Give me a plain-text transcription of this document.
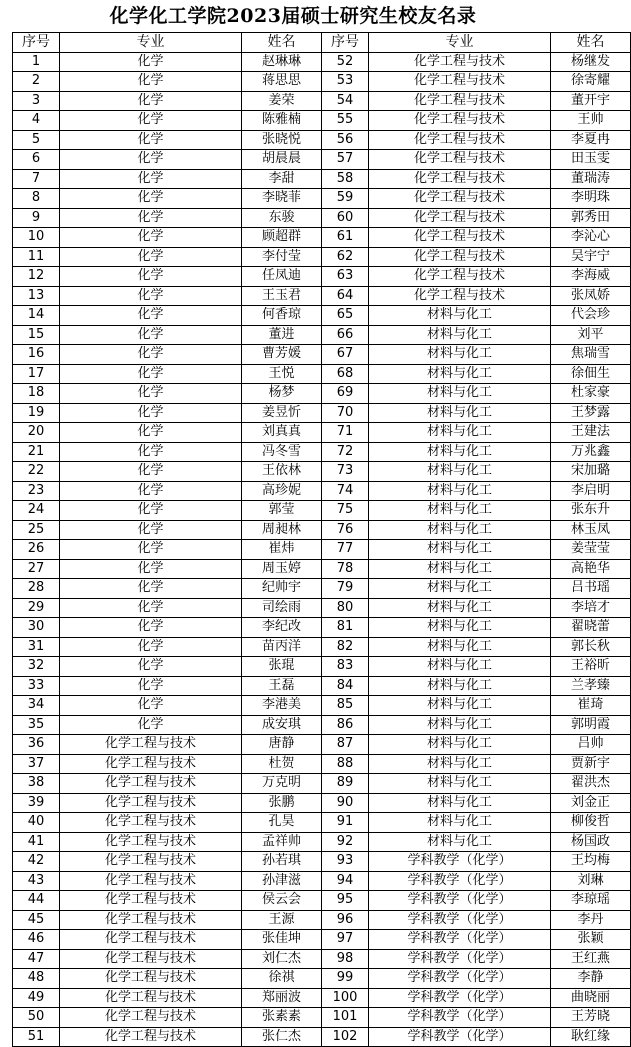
化学化工学院2023届硕士研究生校友名录
序号	专业	姓名	序号	专业	姓名
1	化学	赵琳琳	52	化学工程与技术	杨继发
2	化学	蒋思思	53	化学工程与技术	徐寄耀
3	化学	姜荣	54	化学工程与技术	董开宇
4	化学	陈雅楠	55	化学工程与技术	王帅
5	化学	张晓悦	56	化学工程与技术	李夏冉
6	化学	胡晨晨	57	化学工程与技术	田玉雯
7	化学	李甜	58	化学工程与技术	董瑞涛
8	化学	李晓菲	59	化学工程与技术	李明珠
9	化学	东骏	60	化学工程与技术	郭秀田
10	化学	顾超群	61	化学工程与技术	李沁心
11	化学	李付莹	62	化学工程与技术	吴宇宁
12	化学	任凤迪	63	化学工程与技术	李海威
13	化学	王玉君	64	化学工程与技术	张凤娇
14	化学	何香琼	65	材料与化工	代会珍
15	化学	董进	66	材料与化工	刘平
16	化学	曹芳媛	67	材料与化工	焦瑞雪
17	化学	王悦	68	材料与化工	徐佃生
18	化学	杨梦	69	材料与化工	杜家豪
19	化学	姜昱忻	70	材料与化工	王梦露
20	化学	刘真真	71	材料与化工	王建法
21	化学	冯冬雪	72	材料与化工	万兆鑫
22	化学	王依林	73	材料与化工	宋加璐
23	化学	高珍妮	74	材料与化工	李启明
24	化学	郭莹	75	材料与化工	张东升
25	化学	周昶林	76	材料与化工	林玉凤
26	化学	崔炜	77	材料与化工	姜莹莹
27	化学	周玉婷	78	材料与化工	高艳华
28	化学	纪帅宇	79	材料与化工	吕书瑶
29	化学	司绘雨	80	材料与化工	李培才
30	化学	李纪改	81	材料与化工	翟晓蕾
31	化学	苗丙洋	82	材料与化工	郭长秋
32	化学	张琨	83	材料与化工	王裕昕
33	化学	王磊	84	材料与化工	兰孝臻
34	化学	李港美	85	材料与化工	崔琦
35	化学	成安琪	86	材料与化工	郭明霞
36	化学工程与技术	唐静	87	材料与化工	吕帅
37	化学工程与技术	杜贺	88	材料与化工	贾新宇
38	化学工程与技术	万克明	89	材料与化工	翟洪杰
39	化学工程与技术	张鹏	90	材料与化工	刘金正
40	化学工程与技术	孔昊	91	材料与化工	柳俊哲
41	化学工程与技术	孟祥帅	92	材料与化工	杨国政
42	化学工程与技术	孙若琪	93	学科教学（化学）	王均梅
43	化学工程与技术	孙津滋	94	学科教学（化学）	刘琳
44	化学工程与技术	侯云会	95	学科教学（化学）	李琼瑶
45	化学工程与技术	王源	96	学科教学（化学）	李丹
46	化学工程与技术	张佳坤	97	学科教学（化学）	张颖
47	化学工程与技术	刘仁杰	98	学科教学（化学）	王红燕
48	化学工程与技术	徐祺	99	学科教学（化学）	李静
49	化学工程与技术	郑丽波	100	学科教学（化学）	曲晓丽
50	化学工程与技术	张素素	101	学科教学（化学）	王芳晓
51	化学工程与技术	张仁杰	102	学科教学（化学）	耿红缘
